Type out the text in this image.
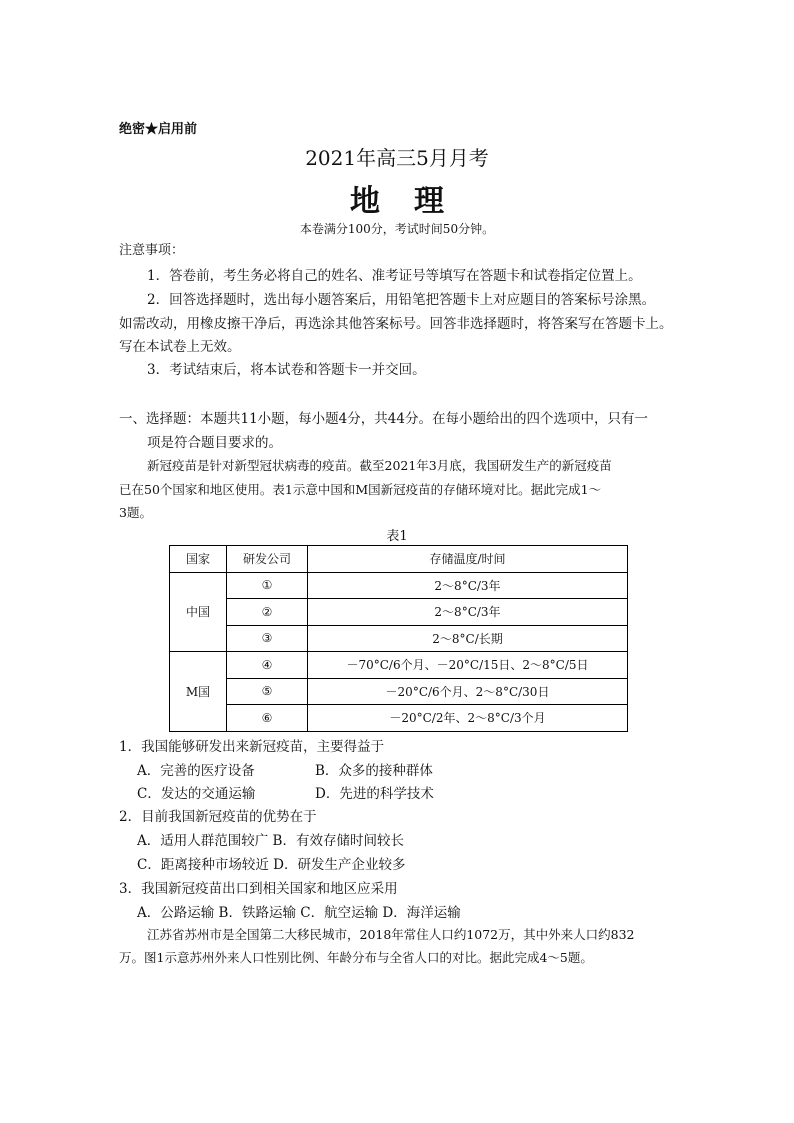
绝密★启用前

2021年高三5月月考

地理

本卷满分100分，考试时间50分钟。

注意事项：

1．答卷前，考生务必将自己的姓名、准考证号等填写在答题卡和试卷指定位置上。

2．回答选择题时，选出每小题答案后，用铅笔把答题卡上对应题目的答案标号涂黑。

如需改动，用橡皮擦干净后，再选涂其他答案标号。回答非选择题时，将答案写在答题卡上。

写在本试卷上无效。

3．考试结束后，将本试卷和答题卡一并交回。

一、选择题：本题共11小题，每小题4分，共44分。在每小题给出的四个选项中，只有一

项是符合题目要求的。

新冠疫苗是针对新型冠状病毒的疫苗。截至2021年3月底，我国研发生产的新冠疫苗

已在50个国家和地区使用。表1示意中国和M国新冠疫苗的存储环境对比。据此完成1～

3题。

表1

国家	研发公司	存储温度/时间
中国	①	2～8°C/3年
	②	2～8°C/3年
	③	2～8°C/长期
M国	④	－70°C/6个月、－20°C/15日、2～8°C/5日
	⑤	－20°C/6个月、2～8°C/30日
	⑥	－20°C/2年、2～8°C/3个月

1．我国能够研发出来新冠疫苗，主要得益于

A．完善的医疗设备	B．众多的接种群体

C．发达的交通运输	D．先进的科学技术

2．目前我国新冠疫苗的优势在于

A．适用人群范围较广 B．有效存储时间较长

C．距离接种市场较近 D．研发生产企业较多

3．我国新冠疫苗出口到相关国家和地区应采用

A．公路运输 B．铁路运输 C．航空运输 D．海洋运输

江苏省苏州市是全国第二大移民城市，2018年常住人口约1072万，其中外来人口约832

万。图1示意苏州外来人口性别比例、年龄分布与全省人口的对比。据此完成4～5题。
